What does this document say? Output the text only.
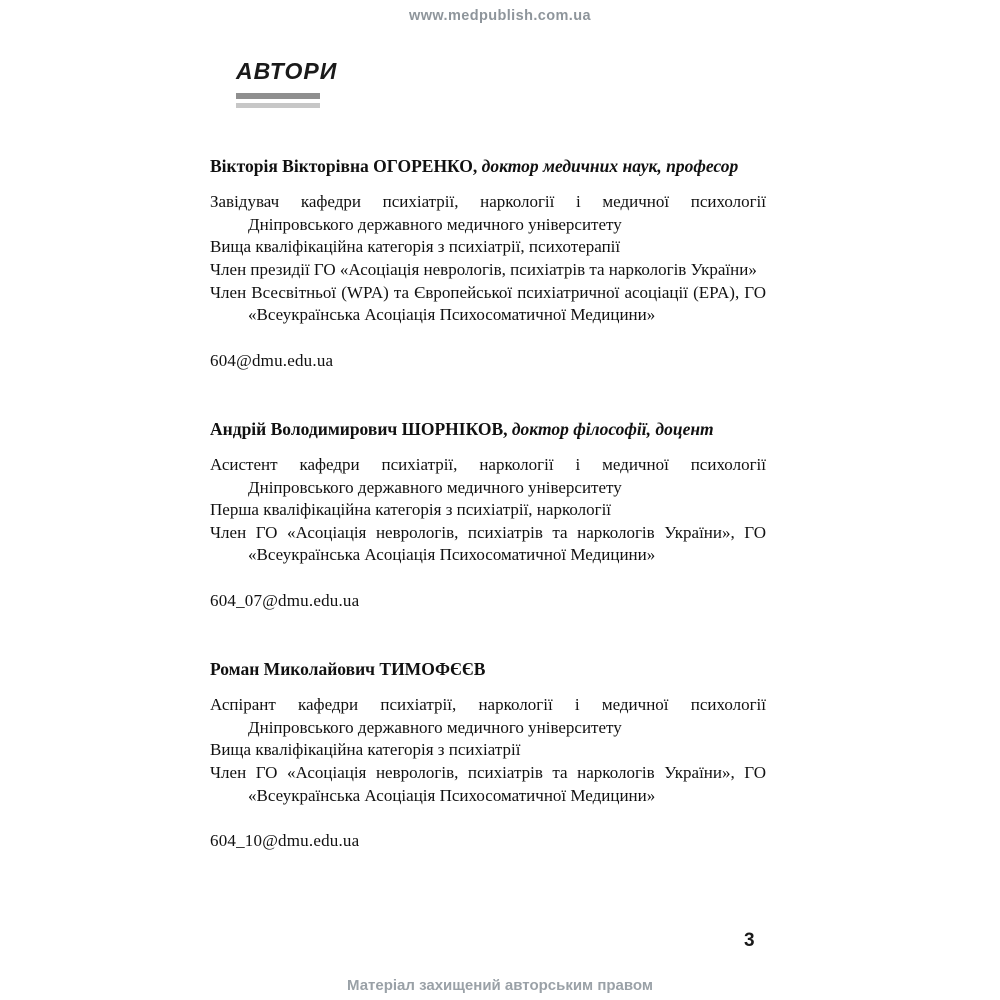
www.medpublish.com.ua
АВТОРИ
Вікторія Вікторівна ОГОРЕНКО, доктор медичних наук, професор
Завідувач кафедри психіатрії, наркології і медичної психології Дніпровського державного медичного університету
Вища кваліфікаційна категорія з психіатрії, психотерапії
Член президії ГО «Асоціація неврологів, психіатрів та наркологів України»
Член Всесвітньої (WPA) та Європейської психіатричної асоціації (EPA), ГО «Всеукраїнська Асоціація Психосоматичної Медицини»
604@dmu.edu.ua
Андрій Володимирович ШОРНІКОВ, доктор філософії, доцент
Асистент кафедри психіатрії, наркології і медичної психології Дніпровського державного медичного університету
Перша кваліфікаційна категорія з психіатрії, наркології
Член ГО «Асоціація неврологів, психіатрів та наркологів України», ГО «Всеукраїнська Асоціація Психосоматичної Медицини»
604_07@dmu.edu.ua
Роман Миколайович ТИМОФЄЄВ
Аспірант кафедри психіатрії, наркології і медичної психології Дніпровського державного медичного університету
Вища кваліфікаційна категорія з психіатрії
Член ГО «Асоціація неврологів, психіатрів та наркологів України», ГО «Всеукраїнська Асоціація Психосоматичної Медицини»
604_10@dmu.edu.ua
3
Матеріал захищений авторським правом
